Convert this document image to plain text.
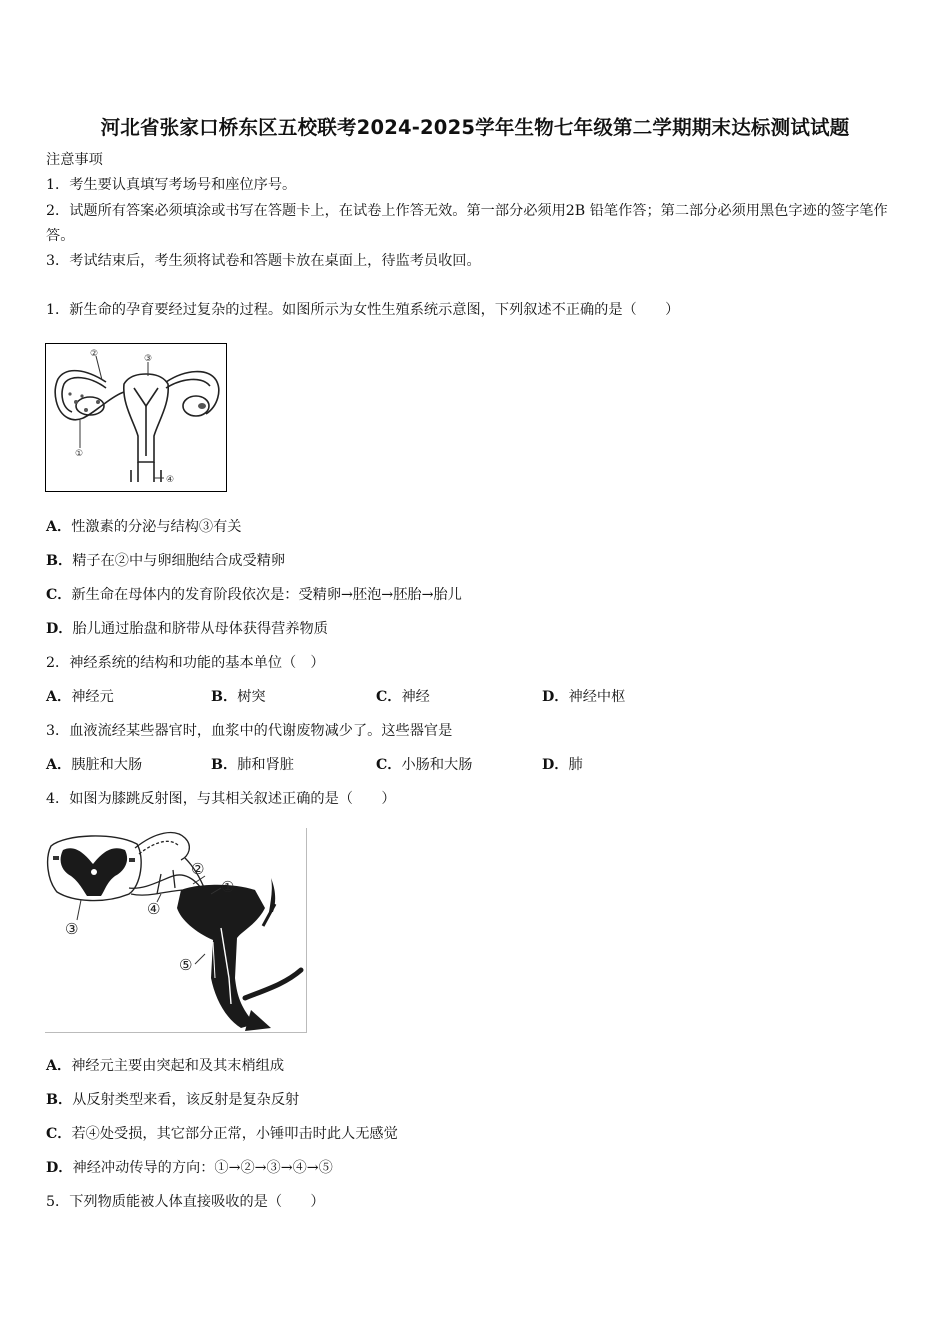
河北省张家口桥东区五校联考2024-2025学年生物七年级第二学期期末达标测试试题
注意事项
1．考生要认真填写考场号和座位序号。
2．试题所有答案必须填涂或书写在答题卡上，在试卷上作答无效。第一部分必须用2B 铅笔作答；第二部分必须用黑色字迹的签字笔作答。
3．考试结束后，考生须将试卷和答题卡放在桌面上，待监考员收回。
1．新生命的孕育要经过复杂的过程。如图所示为女性生殖系统示意图，下列叙述不正确的是（　　）
②	③
①
④
A．性激素的分泌与结构③有关
B．精子在②中与卵细胞结合成受精卵
C．新生命在母体内的发育阶段依次是：受精卵→胚泡→胚胎→胎儿
D．胎儿通过胎盘和脐带从母体获得营养物质
2．神经系统的结构和功能的基本单位（　）
A．神经元	B．树突	C．神经	D．神经中枢
3．血液流经某些器官时，血浆中的代谢废物减少了。这些器官是
A．胰脏和大肠	B．肺和肾脏	C．小肠和大肠	D．肺
4．如图为膝跳反射图，与其相关叙述正确的是（　　）
②
①
④
③
⑤
A．神经元主要由突起和及其末梢组成
B．从反射类型来看，该反射是复杂反射
C．若④处受损，其它部分正常，小锤叩击时此人无感觉
D．神经冲动传导的方向：①→②→③→④→⑤
5．下列物质能被人体直接吸收的是（　　）
